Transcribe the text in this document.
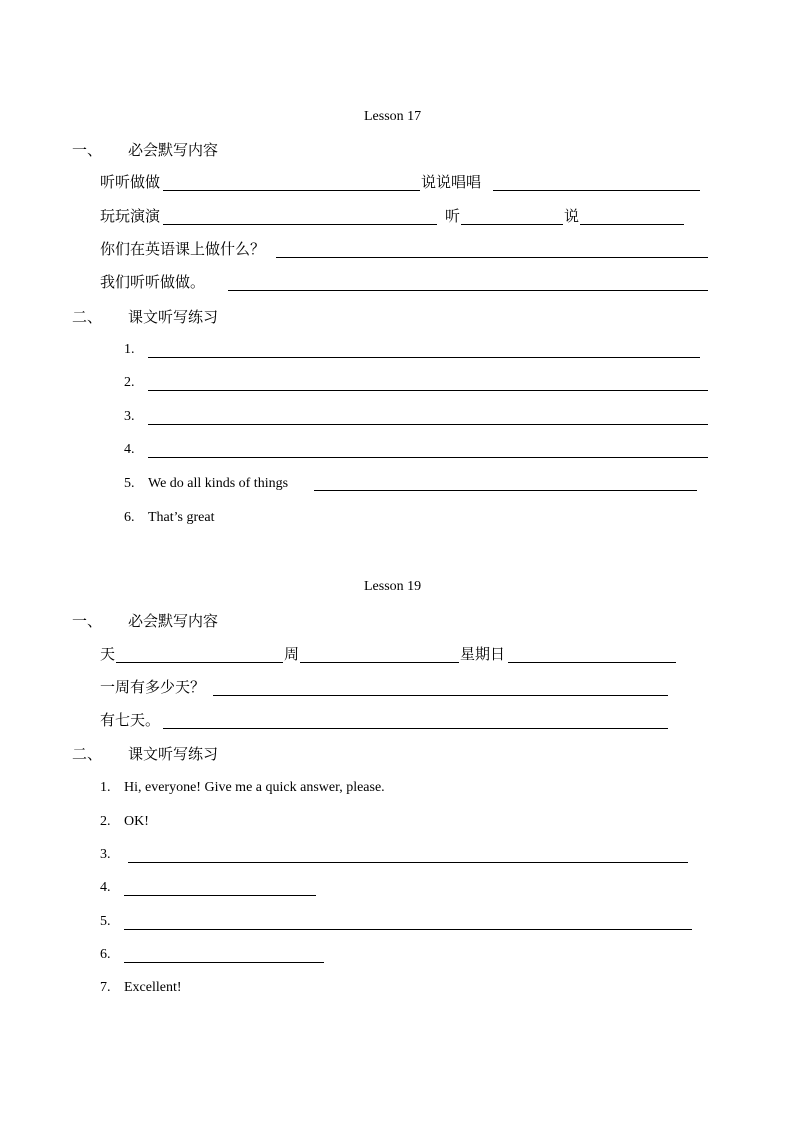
Lesson 17
一、 必会默写内容
听听做做	说说唱唱
玩玩演演	听	说
你们在英语课上做什么？
我们听听做做。
二、 课文听写练习
1.
2.
3.
4.
5. We do all kinds of things
6. That’s great
Lesson 19
一、 必会默写内容
天	周	星期日
一周有多少天？
有七天。
二、 课文听写练习
1. Hi, everyone! Give me a quick answer, please.
2. OK!
3.
4.
5.
6.
7. Excellent!
